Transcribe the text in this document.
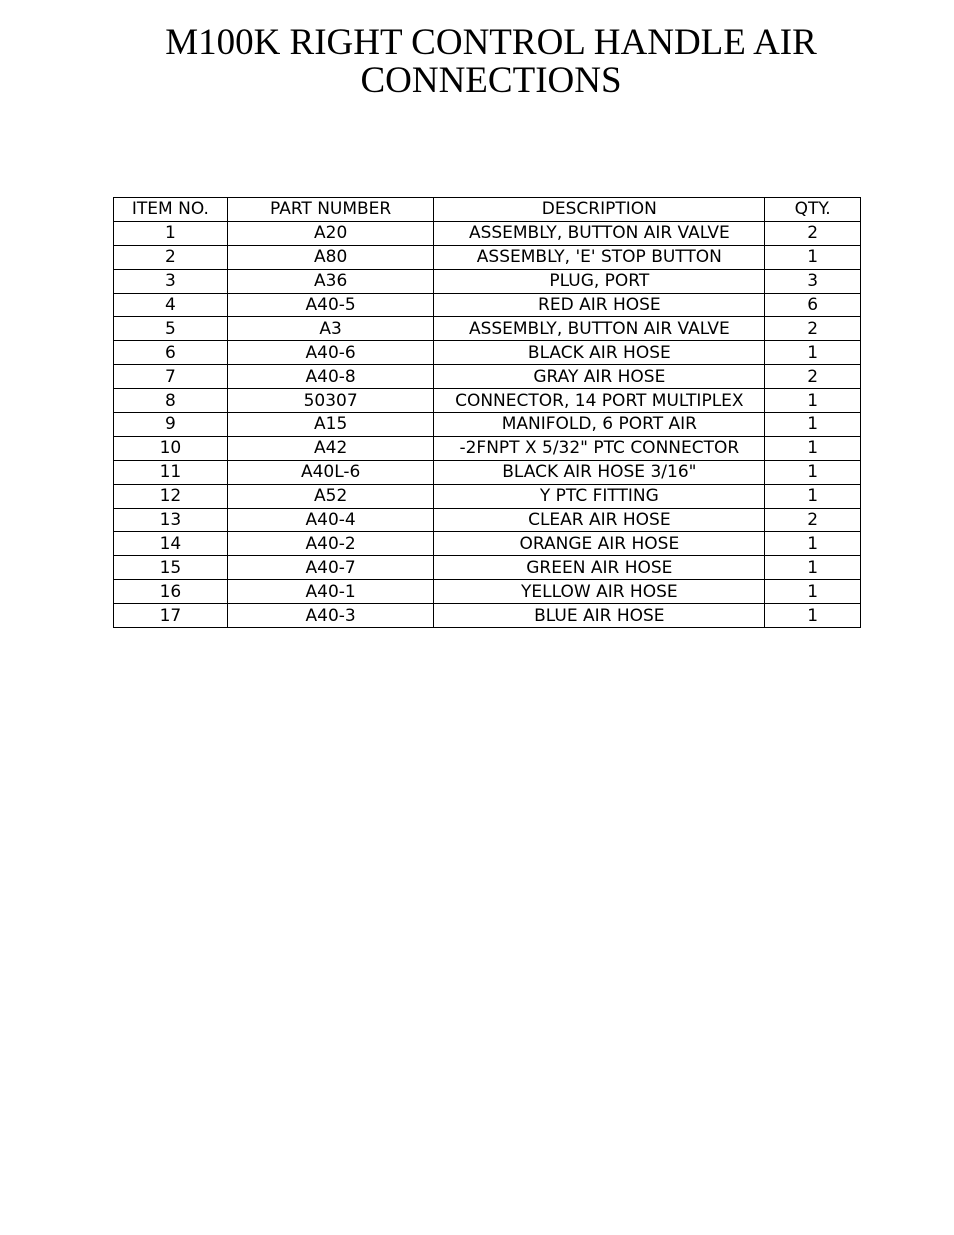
M100K RIGHT CONTROL HANDLE AIR
CONNECTIONS
ITEM NO.	PART NUMBER	DESCRIPTION	QTY.
1	A20	ASSEMBLY, BUTTON AIR VALVE	2
2	A80	ASSEMBLY, 'E' STOP BUTTON	1
3	A36	PLUG, PORT	3
4	A40-5	RED AIR HOSE	6
5	A3	ASSEMBLY, BUTTON AIR VALVE	2
6	A40-6	BLACK AIR HOSE	1
7	A40-8	GRAY AIR HOSE	2
8	50307	CONNECTOR, 14 PORT MULTIPLEX	1
9	A15	MANIFOLD, 6 PORT AIR	1
10	A42	-2FNPT X 5/32" PTC CONNECTOR	1
11	A40L-6	BLACK AIR HOSE 3/16"	1
12	A52	Y PTC FITTING	1
13	A40-4	CLEAR AIR HOSE	2
14	A40-2	ORANGE AIR HOSE	1
15	A40-7	GREEN AIR HOSE	1
16	A40-1	YELLOW AIR HOSE	1
17	A40-3	BLUE AIR HOSE	1
